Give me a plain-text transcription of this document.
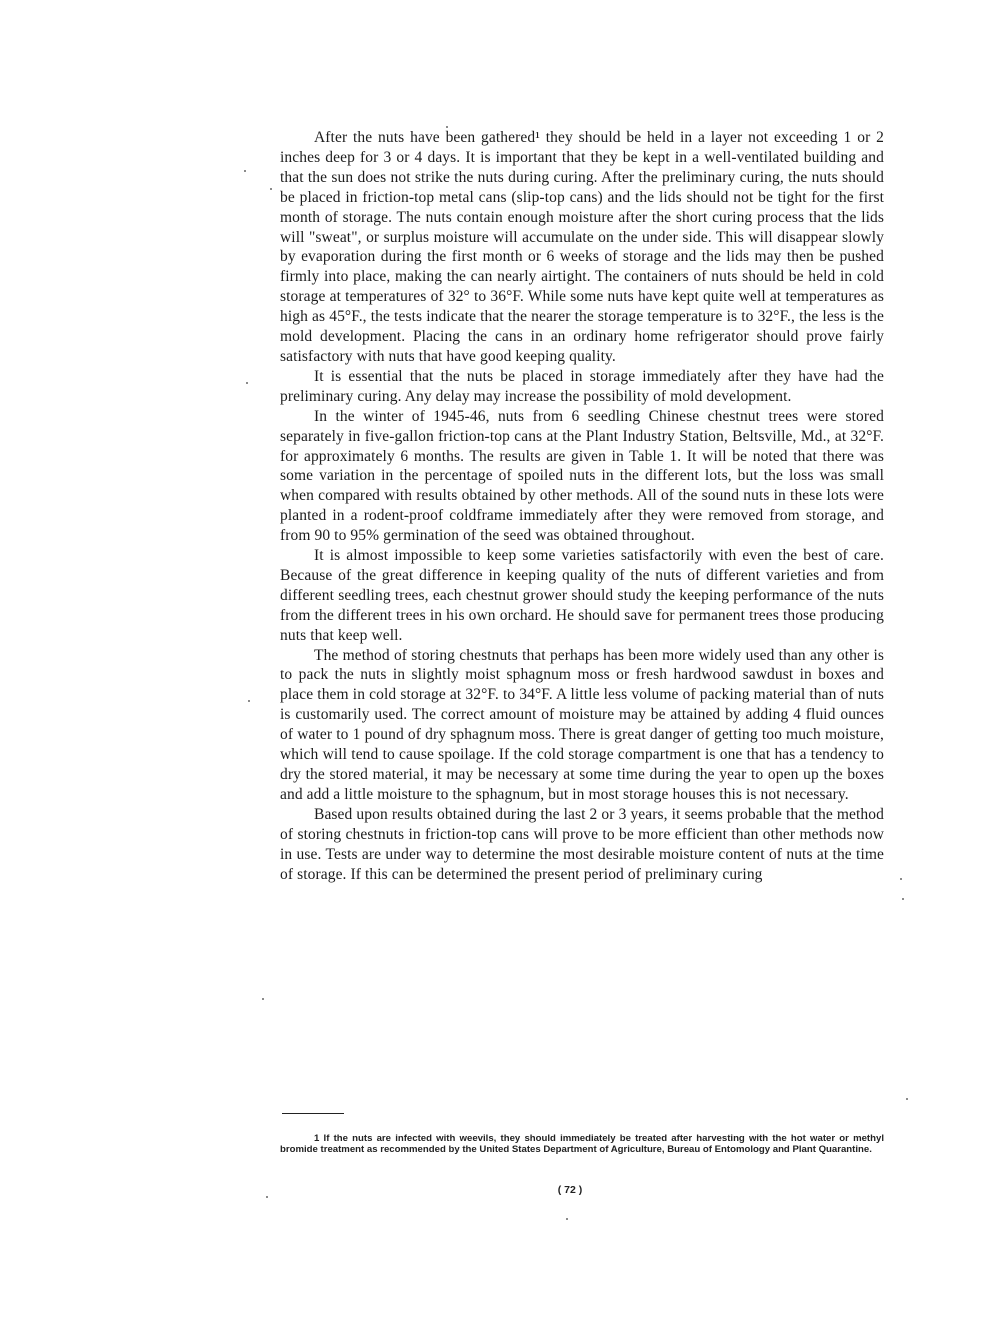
After the nuts have been gathered¹ they should be held in a layer not exceeding 1 or 2 inches deep for 3 or 4 days. It is important that they be kept in a well-ventilated building and that the sun does not strike the nuts during curing. After the preliminary curing, the nuts should be placed in friction-top metal cans (slip-top cans) and the lids should not be tight for the first month of storage. The nuts contain enough moisture after the short curing process that the lids will "sweat", or surplus moisture will accumulate on the under side. This will disappear slowly by evaporation during the first month or 6 weeks of storage and the lids may then be pushed firmly into place, making the can nearly airtight. The containers of nuts should be held in cold storage at temperatures of 32° to 36°F. While some nuts have kept quite well at temperatures as high as 45°F., the tests indicate that the nearer the storage temperature is to 32°F., the less is the mold development. Placing the cans in an ordinary home refrigerator should prove fairly satisfactory with nuts that have good keeping quality.

It is essential that the nuts be placed in storage immediately after they have had the preliminary curing. Any delay may increase the possibility of mold development.

In the winter of 1945-46, nuts from 6 seedling Chinese chestnut trees were stored separately in five-gallon friction-top cans at the Plant Industry Station, Beltsville, Md., at 32°F. for approximately 6 months. The results are given in Table 1. It will be noted that there was some variation in the percentage of spoiled nuts in the different lots, but the loss was small when compared with results obtained by other methods. All of the sound nuts in these lots were planted in a rodent-proof coldframe immediately after they were removed from storage, and from 90 to 95% germination of the seed was obtained throughout.

It is almost impossible to keep some varieties satisfactorily with even the best of care. Because of the great difference in keeping quality of the nuts of different varieties and from different seedling trees, each chestnut grower should study the keeping performance of the nuts from the different trees in his own orchard. He should save for permanent trees those producing nuts that keep well.

The method of storing chestnuts that perhaps has been more widely used than any other is to pack the nuts in slightly moist sphagnum moss or fresh hardwood sawdust in boxes and place them in cold storage at 32°F. to 34°F. A little less volume of packing material than of nuts is customarily used. The correct amount of moisture may be attained by adding 4 fluid ounces of water to 1 pound of dry sphagnum moss. There is great danger of getting too much moisture, which will tend to cause spoilage. If the cold storage compartment is one that has a tendency to dry the stored material, it may be necessary at some time during the year to open up the boxes and add a little moisture to the sphagnum, but in most storage houses this is not necessary.

Based upon results obtained during the last 2 or 3 years, it seems probable that the method of storing chestnuts in friction-top cans will prove to be more efficient than other methods now in use. Tests are under way to determine the most desirable moisture content of nuts at the time of storage. If this can be determined the present period of preliminary curing

1 If the nuts are infected with weevils, they should immediately be treated after harvesting with the hot water or methyl bromide treatment as recommended by the United States Department of Agriculture, Bureau of Entomology and Plant Quarantine.

( 72 )
